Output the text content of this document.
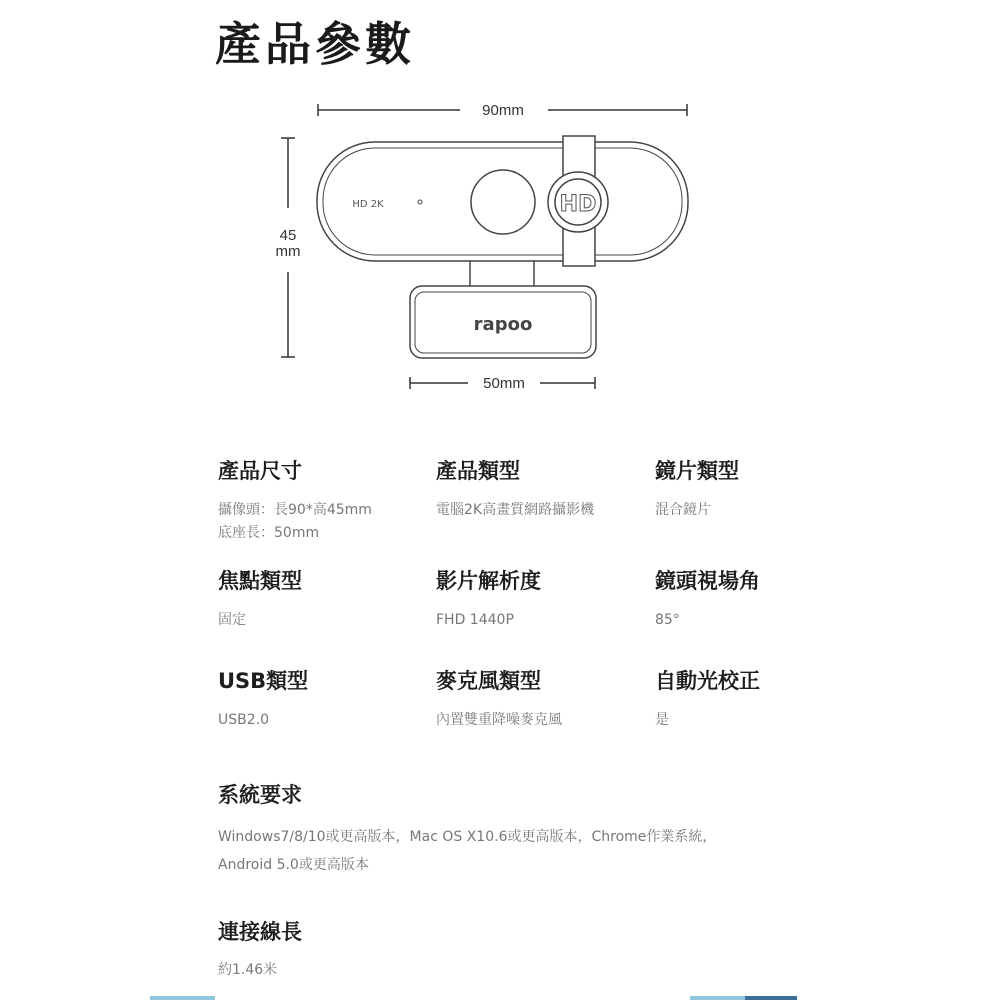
產品參數
90mm
45
mm
50mm
HD 2K	HD
rapoo
產品尺寸
攝像頭：長90*高45mm
底座長：50mm
產品類型
電腦2K高畫質網路攝影機
鏡片類型
混合鏡片
焦點類型
固定
影片解析度
FHD 1440P
鏡頭視場角
85°
USB類型
USB2.0
麥克風類型
內置雙重降噪麥克風
自動光校正
是
系統要求
Windows7/8/10或更高版本，Mac OS X10.6或更高版本，Chrome作業系統，
Android 5.0或更高版本
連接線長
約1.46米
